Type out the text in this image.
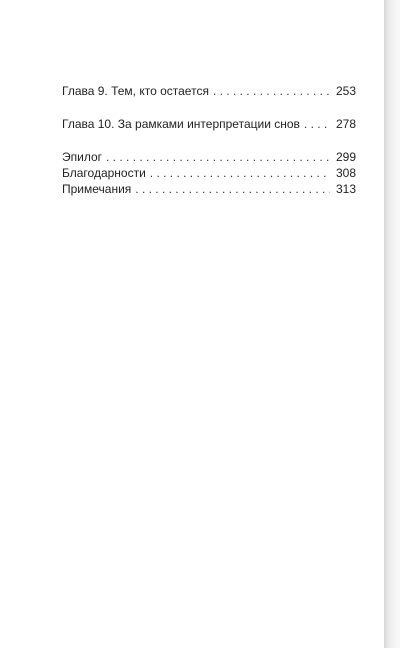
Глава 9. Тем, кто остается . . .	253
Глава 10. За рамками интерпретации снов . . .	278
Эпилог . . .	299
Благодарности . . .	308
Примечания . . .	313
